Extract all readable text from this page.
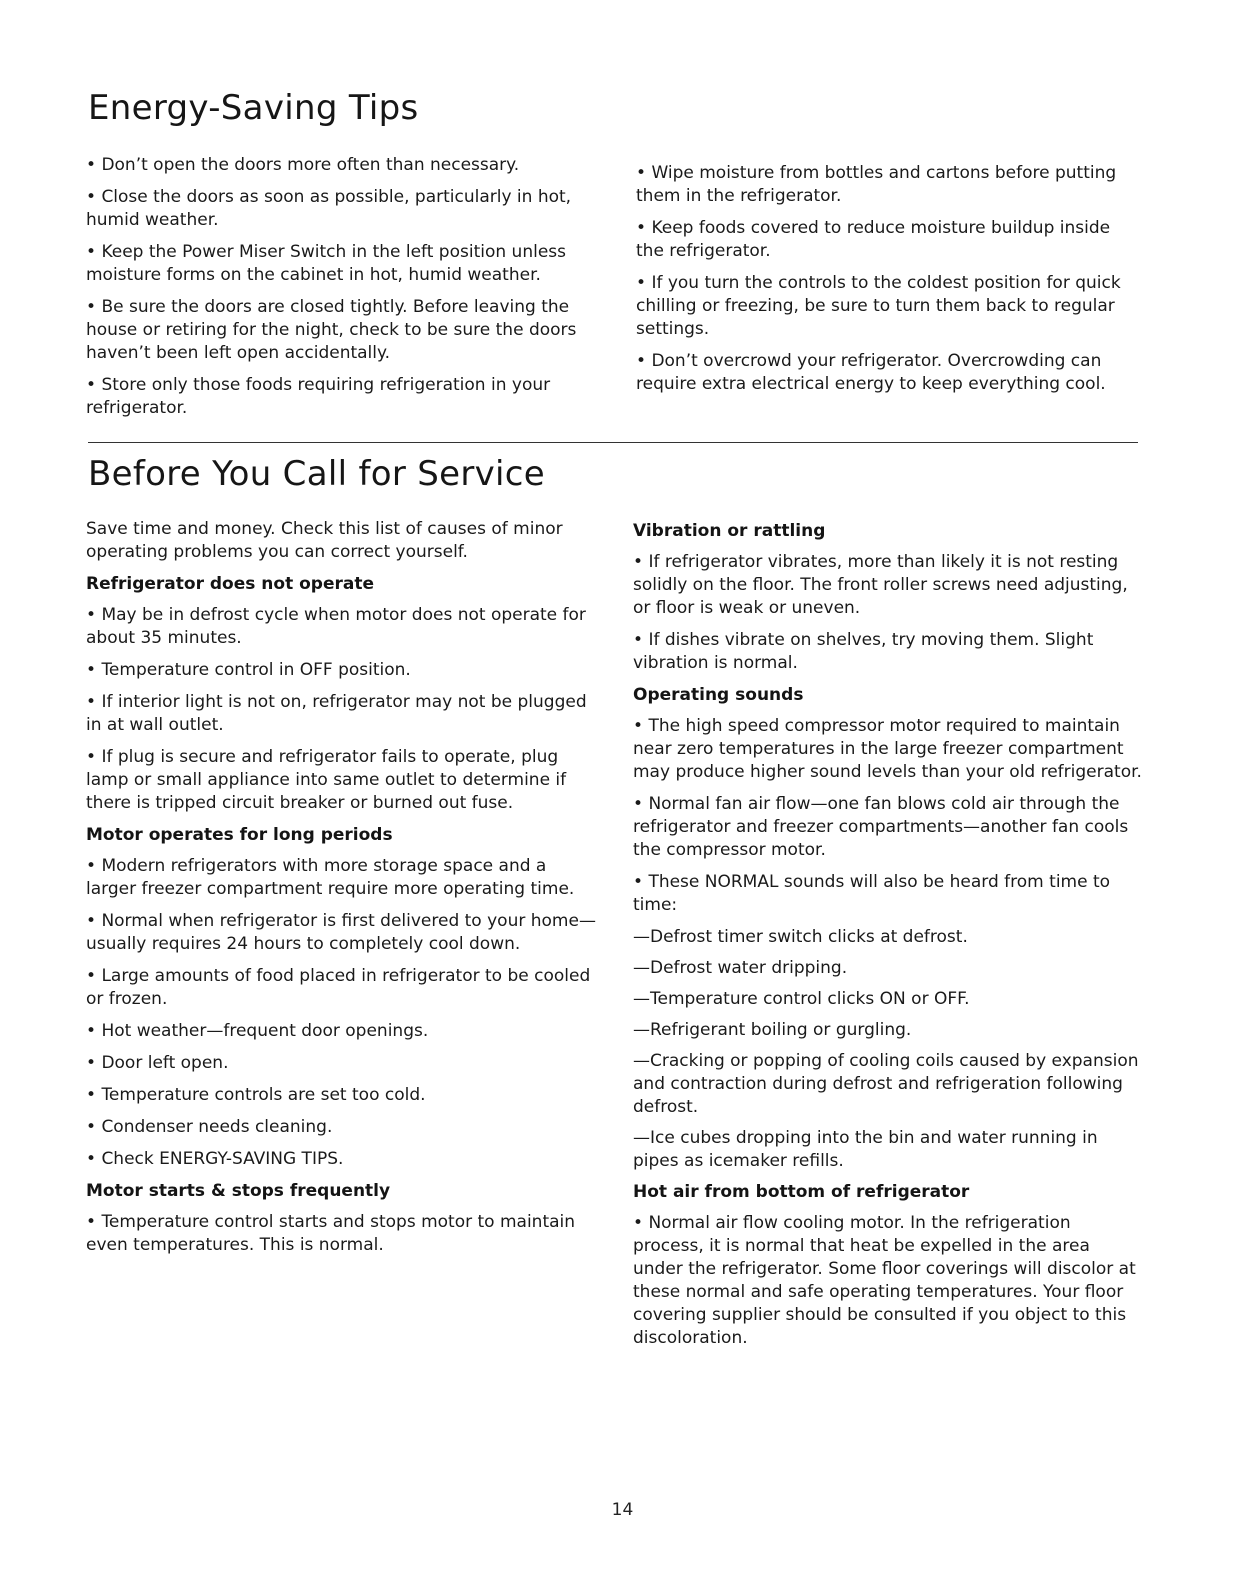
Energy-Saving Tips

• Don’t open the doors more often than necessary.

• Close the doors as soon as possible, particularly in hot, humid weather.

• Keep the Power Miser Switch in the left position unless moisture forms on the cabinet in hot, humid weather.

• Be sure the doors are closed tightly. Before leaving the house or retiring for the night, check to be sure the doors haven’t been left open accidentally.

• Store only those foods requiring refrigeration in your refrigerator.

• Wipe moisture from bottles and cartons before putting them in the refrigerator.

• Keep foods covered to reduce moisture buildup inside the refrigerator.

• If you turn the controls to the coldest position for quick chilling or freezing, be sure to turn them back to regular settings.

• Don’t overcrowd your refrigerator. Overcrowding can require extra electrical energy to keep everything cool.

Before You Call for Service

Save time and money. Check this list of causes of minor operating problems you can correct yourself.

Refrigerator does not operate

• May be in defrost cycle when motor does not operate for about 35 minutes.

• Temperature control in OFF position.

• If interior light is not on, refrigerator may not be plugged in at wall outlet.

• If plug is secure and refrigerator fails to operate, plug lamp or small appliance into same outlet to determine if there is tripped circuit breaker or burned out fuse.

Motor operates for long periods

• Modern refrigerators with more storage space and a larger freezer compartment require more operating time.

• Normal when refrigerator is first delivered to your home—usually requires 24 hours to completely cool down.

• Large amounts of food placed in refrigerator to be cooled or frozen.

• Hot weather—frequent door openings.

• Door left open.

• Temperature controls are set too cold.

• Condenser needs cleaning.

• Check ENERGY-SAVING TIPS.

Motor starts & stops frequently

• Temperature control starts and stops motor to maintain even temperatures. This is normal.

Vibration or rattling

• If refrigerator vibrates, more than likely it is not resting solidly on the floor. The front roller screws need adjusting, or floor is weak or uneven.

• If dishes vibrate on shelves, try moving them. Slight vibration is normal.

Operating sounds

• The high speed compressor motor required to maintain near zero temperatures in the large freezer compartment may produce higher sound levels than your old refrigerator.

• Normal fan air flow—one fan blows cold air through the refrigerator and freezer compartments—another fan cools the compressor motor.

• These NORMAL sounds will also be heard from time to time:

—Defrost timer switch clicks at defrost.

—Defrost water dripping.

—Temperature control clicks ON or OFF.

—Refrigerant boiling or gurgling.

—Cracking or popping of cooling coils caused by expansion and contraction during defrost and refrigeration following defrost.

—Ice cubes dropping into the bin and water running in pipes as icemaker refills.

Hot air from bottom of refrigerator

• Normal air flow cooling motor. In the refrigeration process, it is normal that heat be expelled in the area under the refrigerator. Some floor coverings will discolor at these normal and safe operating temperatures. Your floor covering supplier should be consulted if you object to this discoloration.

14
